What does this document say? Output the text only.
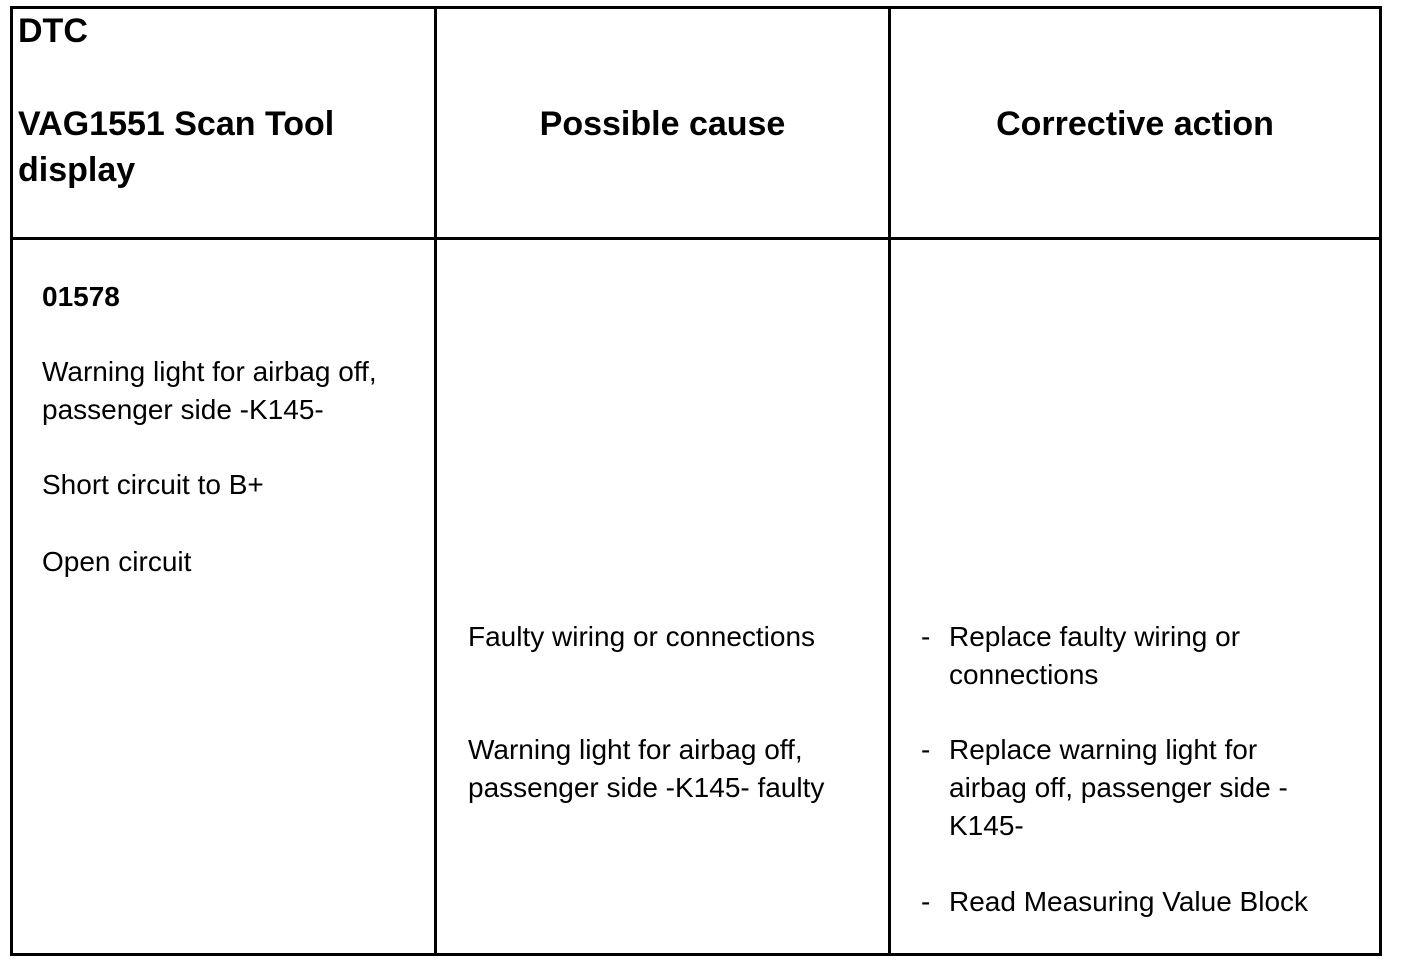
DTC
VAG1551 Scan Tool
display
Possible cause	Corrective action
01578
Warning light for airbag off,
passenger side -K145-
Short circuit to B+
Open circuit
Faulty wiring or connections
Warning light for airbag off,
passenger side -K145- faulty
- Replace faulty wiring or
connections
- Replace warning light for
airbag off, passenger side -
K145-
- Read Measuring Value Block
